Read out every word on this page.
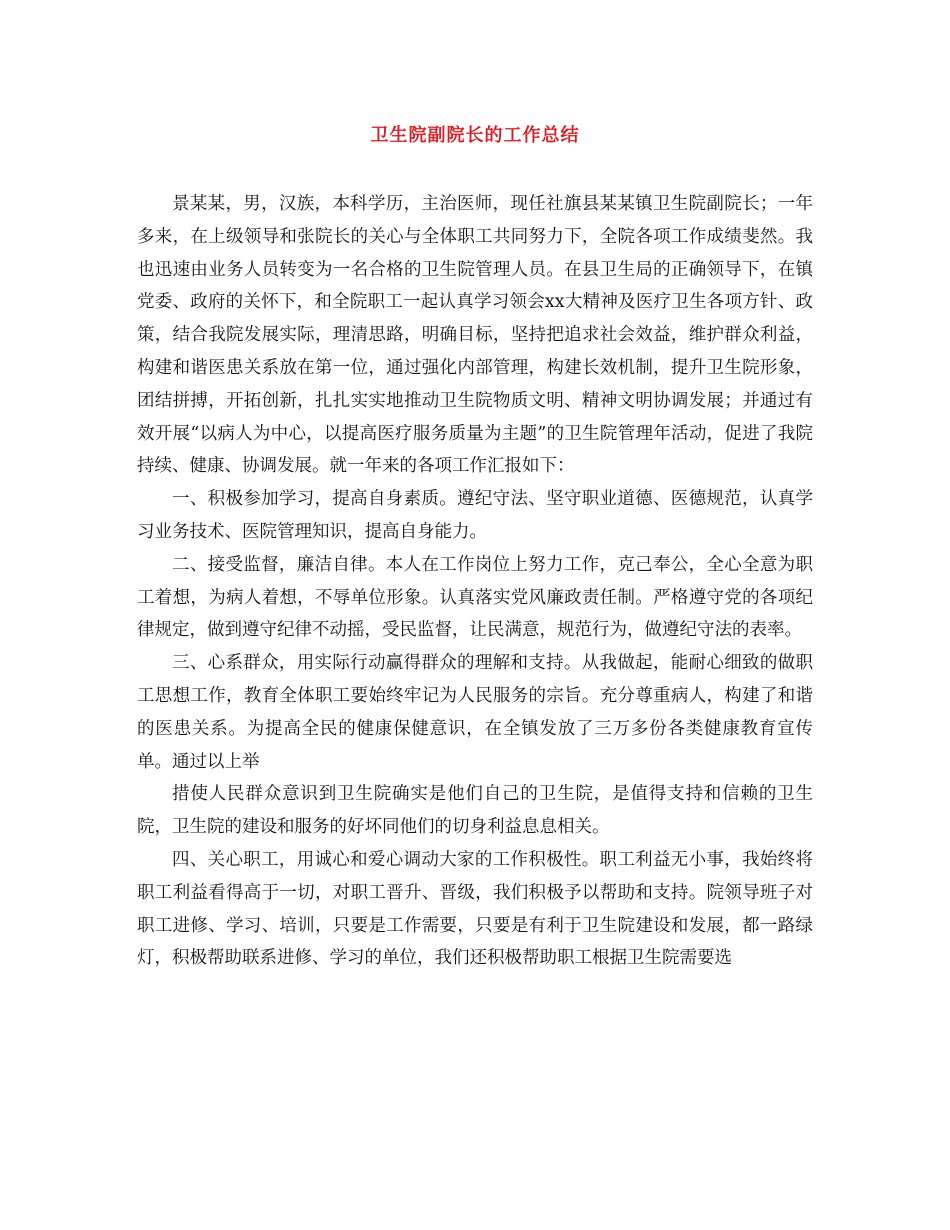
卫生院副院长的工作总结

景某某，男，汉族，本科学历，主治医师，现任社旗县某某镇卫生院副院长；一年多来，在上级领导和张院长的关心与全体职工共同努力下，全院各项工作成绩斐然。我也迅速由业务人员转变为一名合格的卫生院管理人员。在县卫生局的正确领导下，在镇党委、政府的关怀下，和全院职工一起认真学习领会xx大精神及医疗卫生各项方针、政策，结合我院发展实际，理清思路，明确目标，坚持把追求社会效益，维护群众利益，构建和谐医患关系放在第一位，通过强化内部管理，构建长效机制，提升卫生院形象，团结拼搏，开拓创新，扎扎实实地推动卫生院物质文明、精神文明协调发展；并通过有效开展“以病人为中心，以提高医疗服务质量为主题”的卫生院管理年活动，促进了我院持续、健康、协调发展。就一年来的各项工作汇报如下：

一、积极参加学习，提高自身素质。遵纪守法、坚守职业道德、医德规范，认真学习业务技术、医院管理知识，提高自身能力。

二、接受监督，廉洁自律。本人在工作岗位上努力工作，克己奉公，全心全意为职工着想，为病人着想，不辱单位形象。认真落实党风廉政责任制。严格遵守党的各项纪律规定，做到遵守纪律不动摇，受民监督，让民满意，规范行为，做遵纪守法的表率。

三、心系群众，用实际行动赢得群众的理解和支持。从我做起，能耐心细致的做职工思想工作，教育全体职工要始终牢记为人民服务的宗旨。充分尊重病人，构建了和谐的医患关系。为提高全民的健康保健意识，在全镇发放了三万多份各类健康教育宣传单。通过以上举

措使人民群众意识到卫生院确实是他们自己的卫生院，是值得支持和信赖的卫生院，卫生院的建设和服务的好坏同他们的切身利益息息相关。

四、关心职工，用诚心和爱心调动大家的工作积极性。职工利益无小事，我始终将职工利益看得高于一切，对职工晋升、晋级，我们积极予以帮助和支持。院领导班子对职工进修、学习、培训，只要是工作需要，只要是有利于卫生院建设和发展，都一路绿灯，积极帮助联系进修、学习的单位，我们还积极帮助职工根据卫生院需要选
